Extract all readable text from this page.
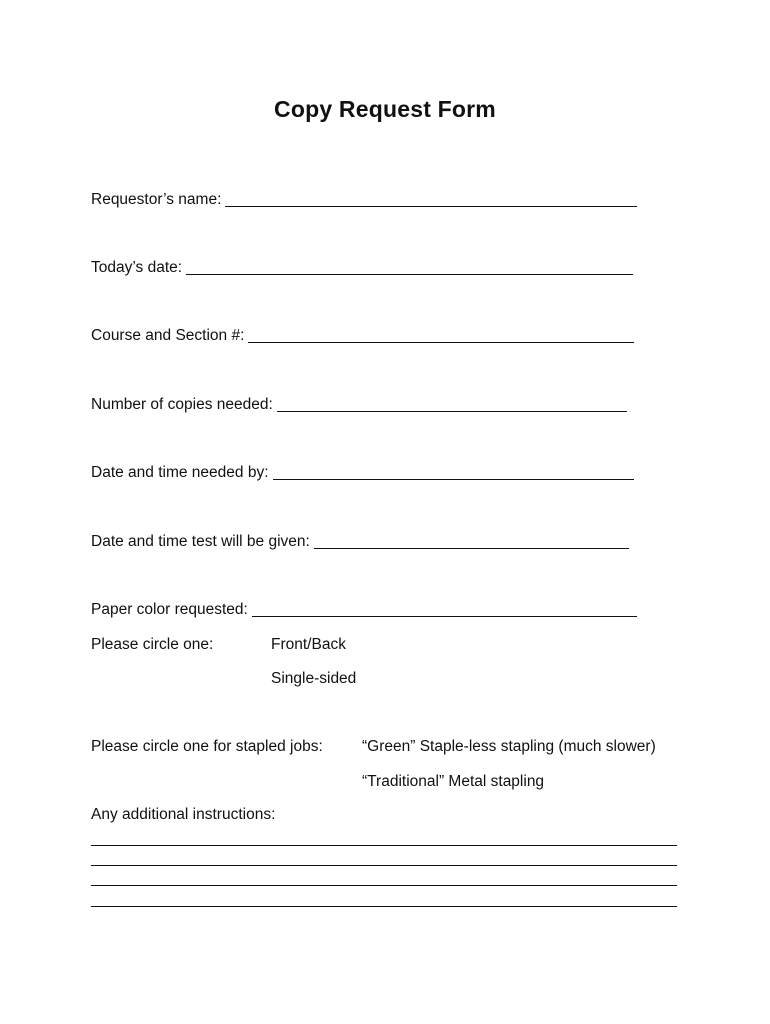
Copy Request Form
Requestor’s name:
Today’s date:
Course and Section #:
Number of copies needed:
Date and time needed by:
Date and time test will be given:
Paper color requested:
Please circle one:	Front/Back
Single-sided
Please circle one for stapled jobs:	“Green” Staple-less stapling (much slower)
“Traditional” Metal stapling
Any additional instructions:
